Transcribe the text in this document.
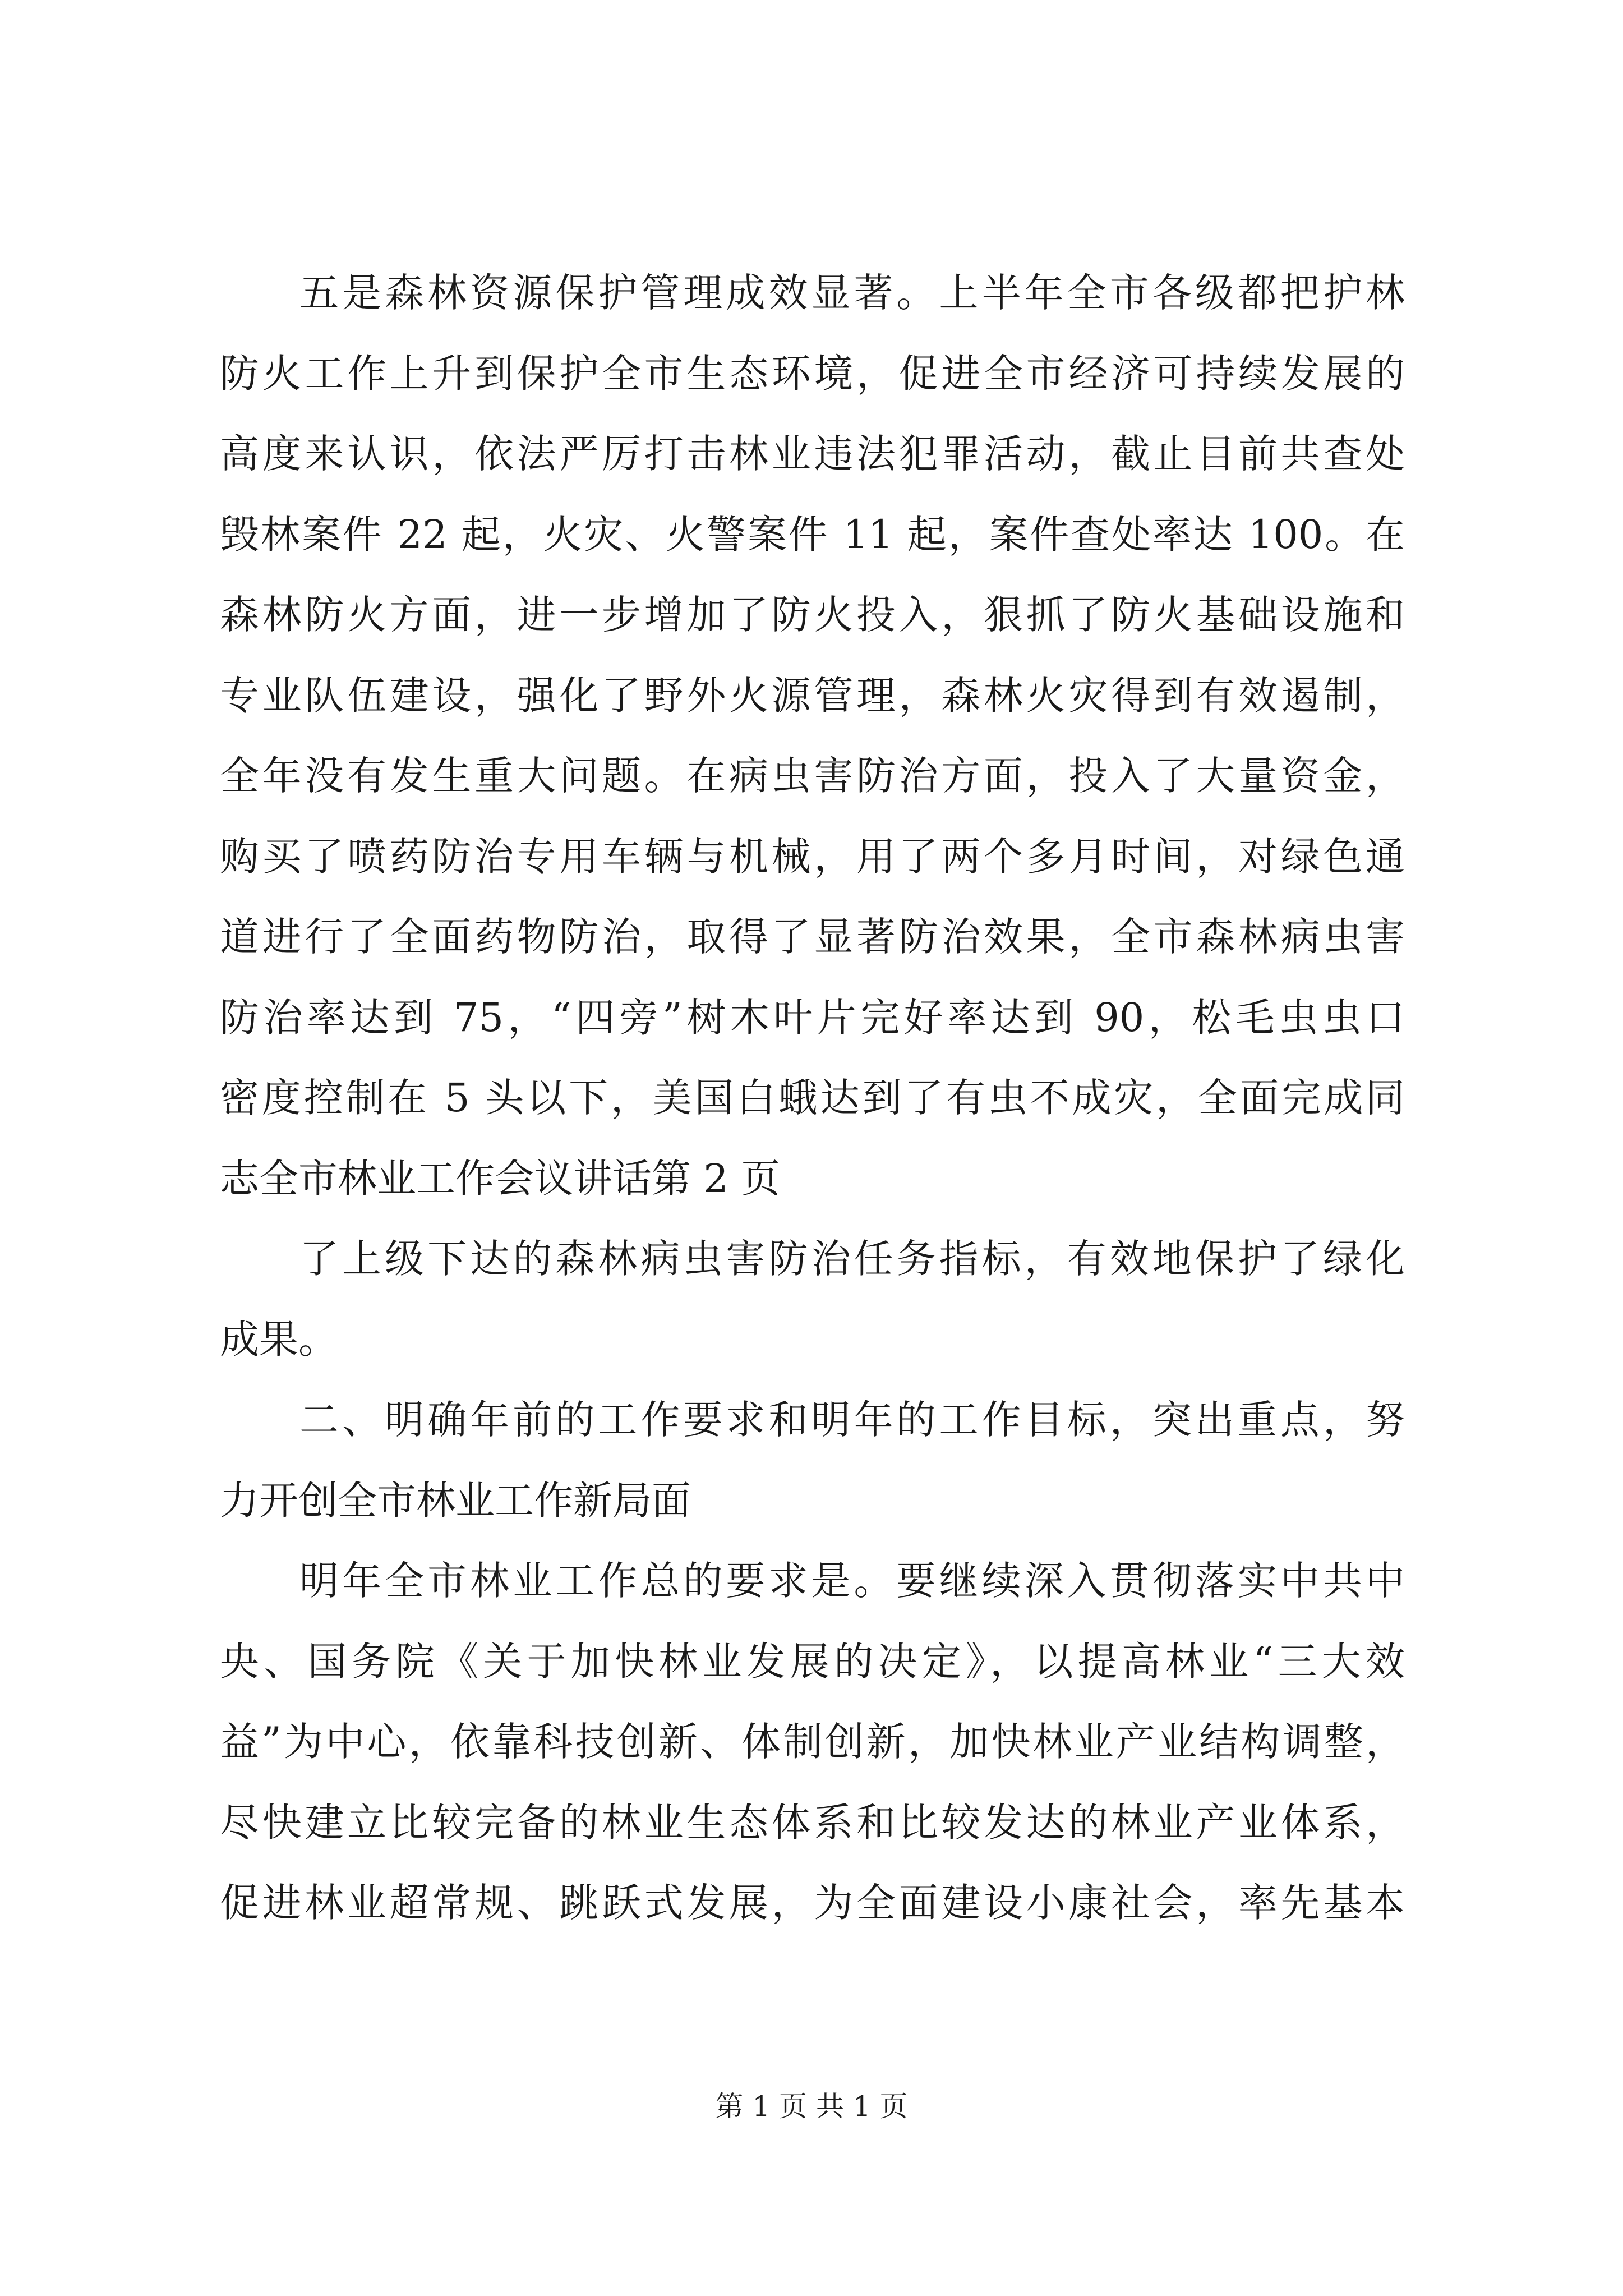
五是森林资源保护管理成效显著。上半年全市各级都把护林
防火工作上升到保护全市生态环境，促进全市经济可持续发展的
高度来认识，依法严厉打击林业违法犯罪活动，截止目前共查处
毁林案件 22 起，火灾、火警案件 11 起，案件查处率达 100。在
森林防火方面，进一步增加了防火投入，狠抓了防火基础设施和
专业队伍建设，强化了野外火源管理，森林火灾得到有效遏制，
全年没有发生重大问题。在病虫害防治方面，投入了大量资金，
购买了喷药防治专用车辆与机械，用了两个多月时间，对绿色通
道进行了全面药物防治，取得了显著防治效果，全市森林病虫害
防治率达到 75，“四旁”树木叶片完好率达到 90，松毛虫虫口
密度控制在 5 头以下，美国白蛾达到了有虫不成灾，全面完成同
志全市林业工作会议讲话第 2 页
了上级下达的森林病虫害防治任务指标，有效地保护了绿化
成果。
二、明确年前的工作要求和明年的工作目标，突出重点，努
力开创全市林业工作新局面
明年全市林业工作总的要求是。要继续深入贯彻落实中共中
央、国务院《关于加快林业发展的决定》，以提高林业“三大效
益”为中心，依靠科技创新、体制创新，加快林业产业结构调整，
尽快建立比较完备的林业生态体系和比较发达的林业产业体系，
促进林业超常规、跳跃式发展，为全面建设小康社会，率先基本
第 1 页 共 1 页
